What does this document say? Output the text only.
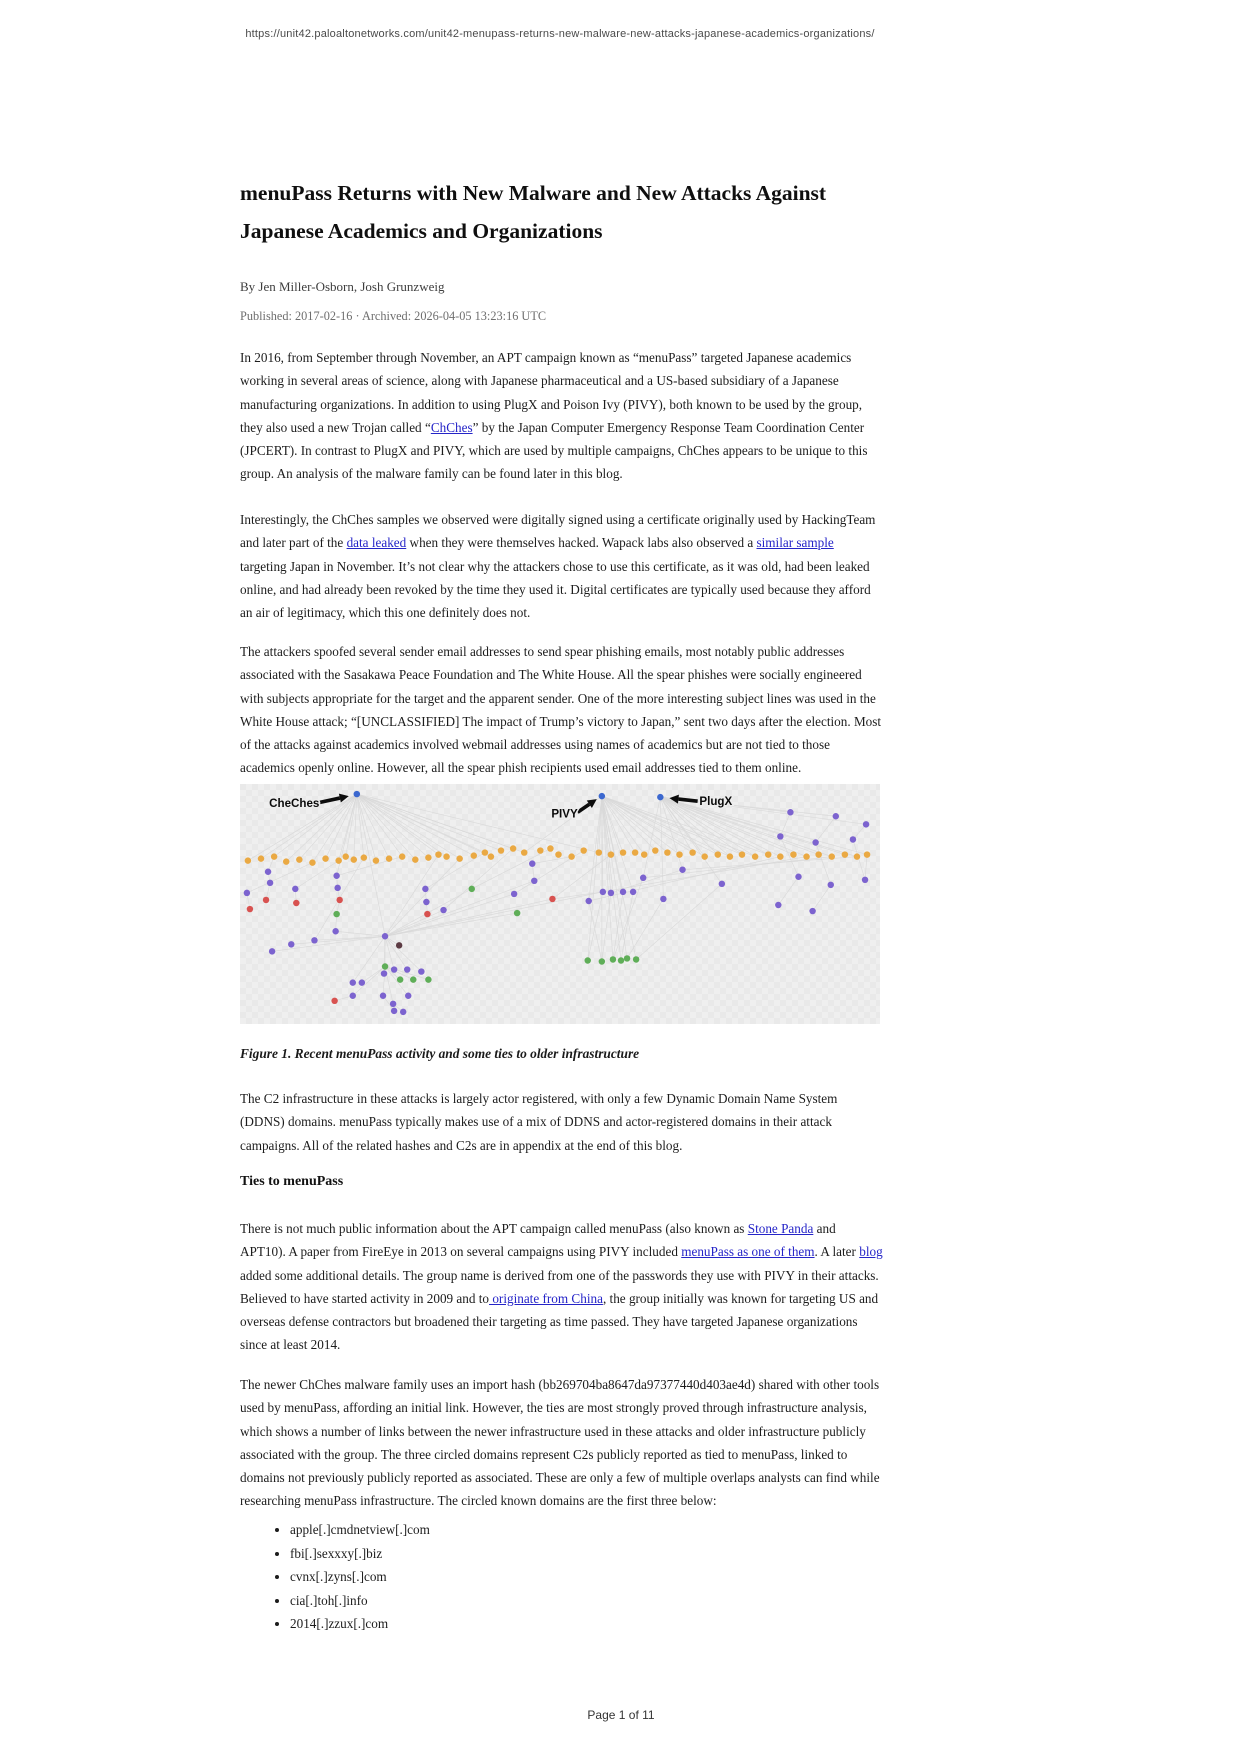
https://unit42.paloaltonetworks.com/unit42-menupass-returns-new-malware-new-attacks-japanese-academics-organizations/
menuPass Returns with New Malware and New Attacks Against Japanese Academics and Organizations
By Jen Miller-Osborn, Josh Grunzweig
Published: 2017-02-16 · Archived: 2026-04-05 13:23:16 UTC

In 2016, from September through November, an APT campaign known as “menuPass” targeted Japanese academics working in several areas of science, along with Japanese pharmaceutical and a US-based subsidiary of a Japanese manufacturing organizations. In addition to using PlugX and Poison Ivy (PIVY), both known to be used by the group, they also used a new Trojan called “ChChes” by the Japan Computer Emergency Response Team Coordination Center (JPCERT). In contrast to PlugX and PIVY, which are used by multiple campaigns, ChChes appears to be unique to this group. An analysis of the malware family can be found later in this blog.

Interestingly, the ChChes samples we observed were digitally signed using a certificate originally used by HackingTeam and later part of the data leaked when they were themselves hacked. Wapack labs also observed a similar sample targeting Japan in November. It’s not clear why the attackers chose to use this certificate, as it was old, had been leaked online, and had already been revoked by the time they used it. Digital certificates are typically used because they afford an air of legitimacy, which this one definitely does not.

The attackers spoofed several sender email addresses to send spear phishing emails, most notably public addresses associated with the Sasakawa Peace Foundation and The White House. All the spear phishes were socially engineered with subjects appropriate for the target and the apparent sender. One of the more interesting subject lines was used in the White House attack; “[UNCLASSIFIED] The impact of Trump’s victory to Japan,” sent two days after the election. Most of the attacks against academics involved webmail addresses using names of academics but are not tied to those academics openly online. However, all the spear phish recipients used email addresses tied to them online.

CheChes
PIVY
PlugX
Figure 1. Recent menuPass activity and some ties to older infrastructure

The C2 infrastructure in these attacks is largely actor registered, with only a few Dynamic Domain Name System (DDNS) domains. menuPass typically makes use of a mix of DDNS and actor-registered domains in their attack campaigns. All of the related hashes and C2s are in appendix at the end of this blog.

Ties to menuPass

There is not much public information about the APT campaign called menuPass (also known as Stone Panda and APT10). A paper from FireEye in 2013 on several campaigns using PIVY included menuPass as one of them. A later blog added some additional details. The group name is derived from one of the passwords they use with PIVY in their attacks. Believed to have started activity in 2009 and to originate from China, the group initially was known for targeting US and overseas defense contractors but broadened their targeting as time passed. They have targeted Japanese organizations since at least 2014.

The newer ChChes malware family uses an import hash (bb269704ba8647da97377440d403ae4d) shared with other tools used by menuPass, affording an initial link. However, the ties are most strongly proved through infrastructure analysis, which shows a number of links between the newer infrastructure used in these attacks and older infrastructure publicly associated with the group. The three circled domains represent C2s publicly reported as tied to menuPass, linked to domains not previously publicly reported as associated. These are only a few of multiple overlaps analysts can find while researching menuPass infrastructure. The circled known domains are the first three below:

• apple[.]cmdnetview[.]com
• fbi[.]sexxxy[.]biz
• cvnx[.]zyns[.]com
• cia[.]toh[.]info
• 2014[.]zzux[.]com
Page 1 of 11
